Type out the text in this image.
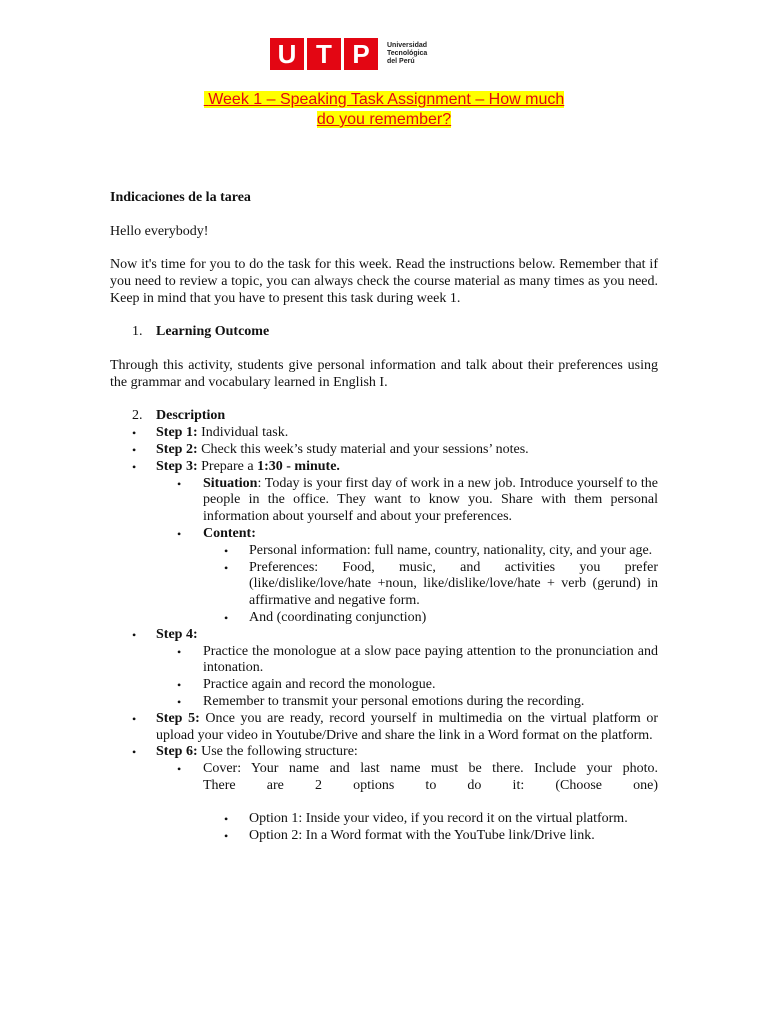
U T P	Universidad
Tecnológica
del Perú
Week 1 – Speaking Task Assignment – How much
do you remember?

Indicaciones de la tarea

Hello everybody!

Now it's time for you to do the task for this week. Read the instructions below. Remember that if you need to review a topic, you can always check the course material as many times as you need. Keep in mind that you have to present this task during week 1.

1. Learning Outcome

Through this activity, students give personal information and talk about their preferences using the grammar and vocabulary learned in English I.

2. Description

• Step 1: Individual task.

• Step 2: Check this week’s study material and your sessions’ notes.

• Step 3: Prepare a 1:30 - minute.

• Situation: Today is your first day of work in a new job. Introduce yourself to the people in the office. They want to know you. Share with them personal information about yourself and about your preferences.

• Content:

• Personal information: full name, country, nationality, city, and your age.

• Preferences: Food, music, and activities you prefer (like/dislike/love/hate +noun, like/dislike/love/hate + verb (gerund) in affirmative and negative form.

• And (coordinating conjunction)

• Step 4:

• Practice the monologue at a slow pace paying attention to the pronunciation and intonation.

• Practice again and record the monologue.

• Remember to transmit your personal emotions during the recording.

• Step 5: Once you are ready, record yourself in multimedia on the virtual platform or upload your video in Youtube/Drive and share the link in a Word format on the platform.

• Step 6: Use the following structure:

• Cover: Your name and last name must be there. Include your photo.
There are 2 options to do it: (Choose one)

• Option 1: Inside your video, if you record it on the virtual platform.

• Option 2: In a Word format with the YouTube link/Drive link.
